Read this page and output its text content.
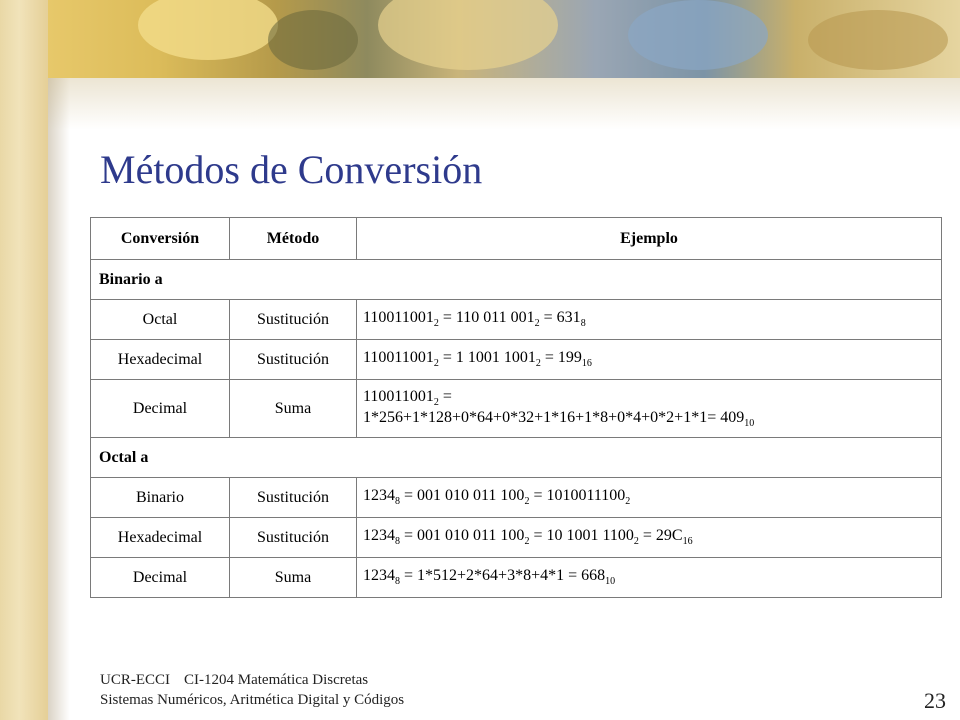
Métodos de Conversión
Conversión	Método	Ejemplo
Binario a		
Octal	Sustitución	$110011001_2 = 110$ 011 $001_2 = 631_8$
Hexadecimal	Sustitución	$110011001_2 = 1$ 1001 $1001_2 = 199_{16}$
Decimal	Suma	$110011001_2$ =
$1*256+1*128+0*64+0*32+1*16+1*8+0*4+0*2+1*1= 409_{10}$
Octal a		
Binario	Sustitución	$1234_8 = 001$ 010 011 $100_2 = 1010011100_2$
Hexadecimal	Sustitución	$1234_8 = 001$ 010 011 $100_2 = 10$ 1001 $1100_2 = 29C_{16}$
Decimal	Suma	$1234_8 = 1*512+2*64+3*8+4*1 = 668_{10}$
UCR-ECCI CI-1204 Matemática Discretas
Sistemas Numéricos, Aritmética Digital y Códigos	23
